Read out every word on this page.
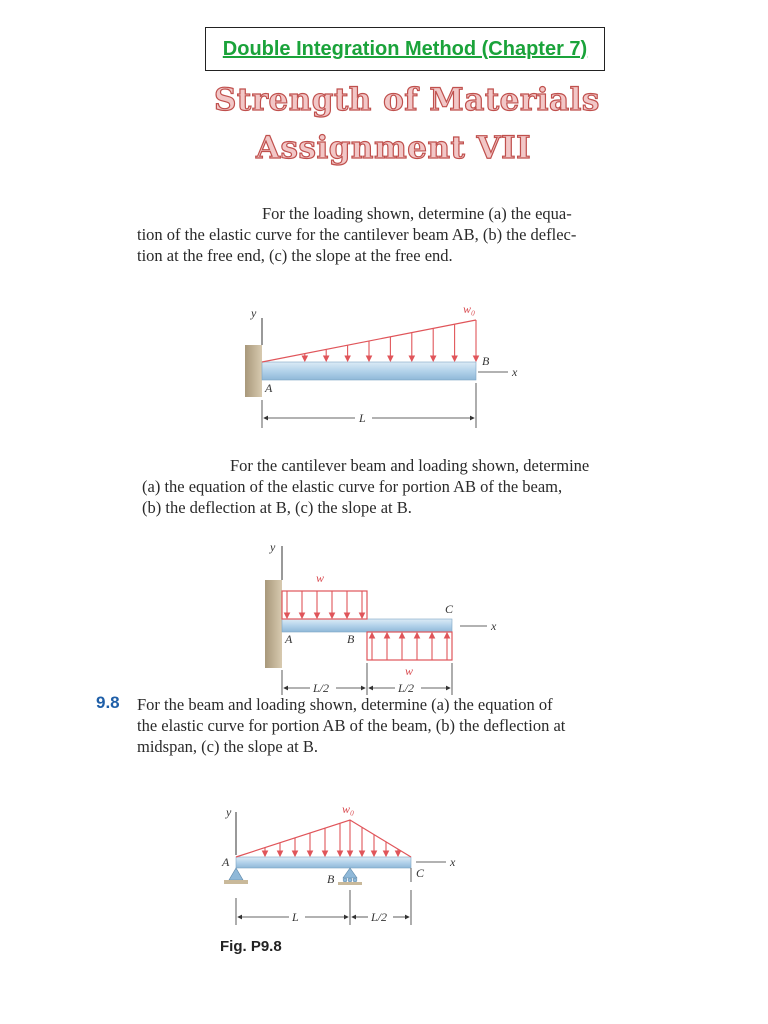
Double Integration Method (Chapter 7)
Strength of Materials
Assignment VII
For the loading shown, determine (a) the equa-
tion of the elastic curve for the cantilever beam AB, (b) the deflec-
tion at the free end, (c) the slope at the free end.
For the cantilever beam and loading shown, determine
(a) the equation of the elastic curve for portion AB of the beam,
(b) the deflection at B, (c) the slope at B.
9.8 For the beam and loading shown, determine (a) the equation of
the elastic curve for portion AB of the beam, (b) the deflection at
midspan, (c) the slope at B.
Fig. P9.8
y	w₀
A
B
x
L
y
w
w
A	B
C
x
L/2	L/2
y	w₀
A
B	C
x
L	L/2
